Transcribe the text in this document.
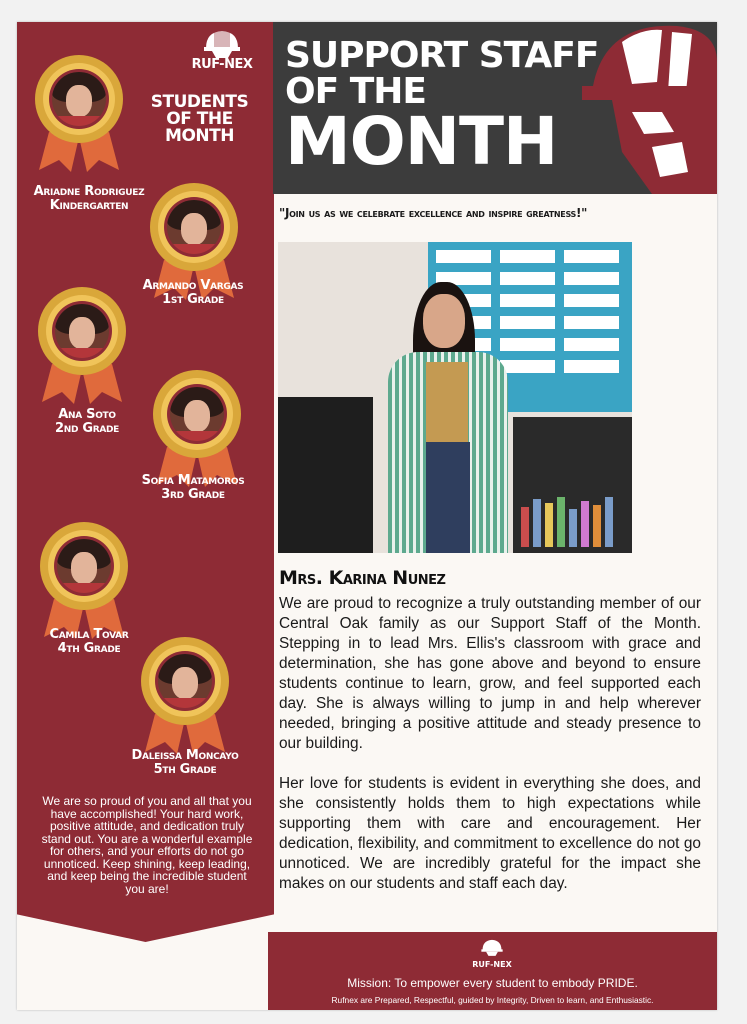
RUF-NEX
STUDENTS
OF THE
MONTH
Ariadne Rodriguez
Kindergarten
Armando Vargas
1st Grade
Ana Soto
2nd Grade
Sofia Matamoros
3rd Grade
Camila Tovar
4th Grade
Daleissa Moncayo
5th Grade
We are so proud of you and all that you have accomplished! Your hard work, positive attitude, and dedication truly stand out. You are a wonderful example for others, and your efforts do not go unnoticed. Keep shining, keep leading, and keep being the incredible student you are!
SUPPORT STAFF
OF THE
MONTH
"Join us as we celebrate excellence and inspire greatness!"
Mrs. Karina Nunez

We are proud to recognize a truly outstanding member of our Central Oak family as our Support Staff of the Month. Stepping in to lead Mrs. Ellis's classroom with grace and determination, she has gone above and beyond to ensure students continue to learn, grow, and feel supported each day. She is always willing to jump in and help wherever needed, bringing a positive attitude and steady presence to our building.

Her love for students is evident in everything she does, and she consistently holds them to high expectations while supporting them with care and encouragement. Her dedication, flexibility, and commitment to excellence do not go unnoticed. We are incredibly grateful for the impact she makes on our students and staff each day.

RUF-NEX
Mission: To empower every student to embody PRIDE.
Rufnex are Prepared, Respectful, guided by Integrity, Driven to learn, and Enthusiastic.
